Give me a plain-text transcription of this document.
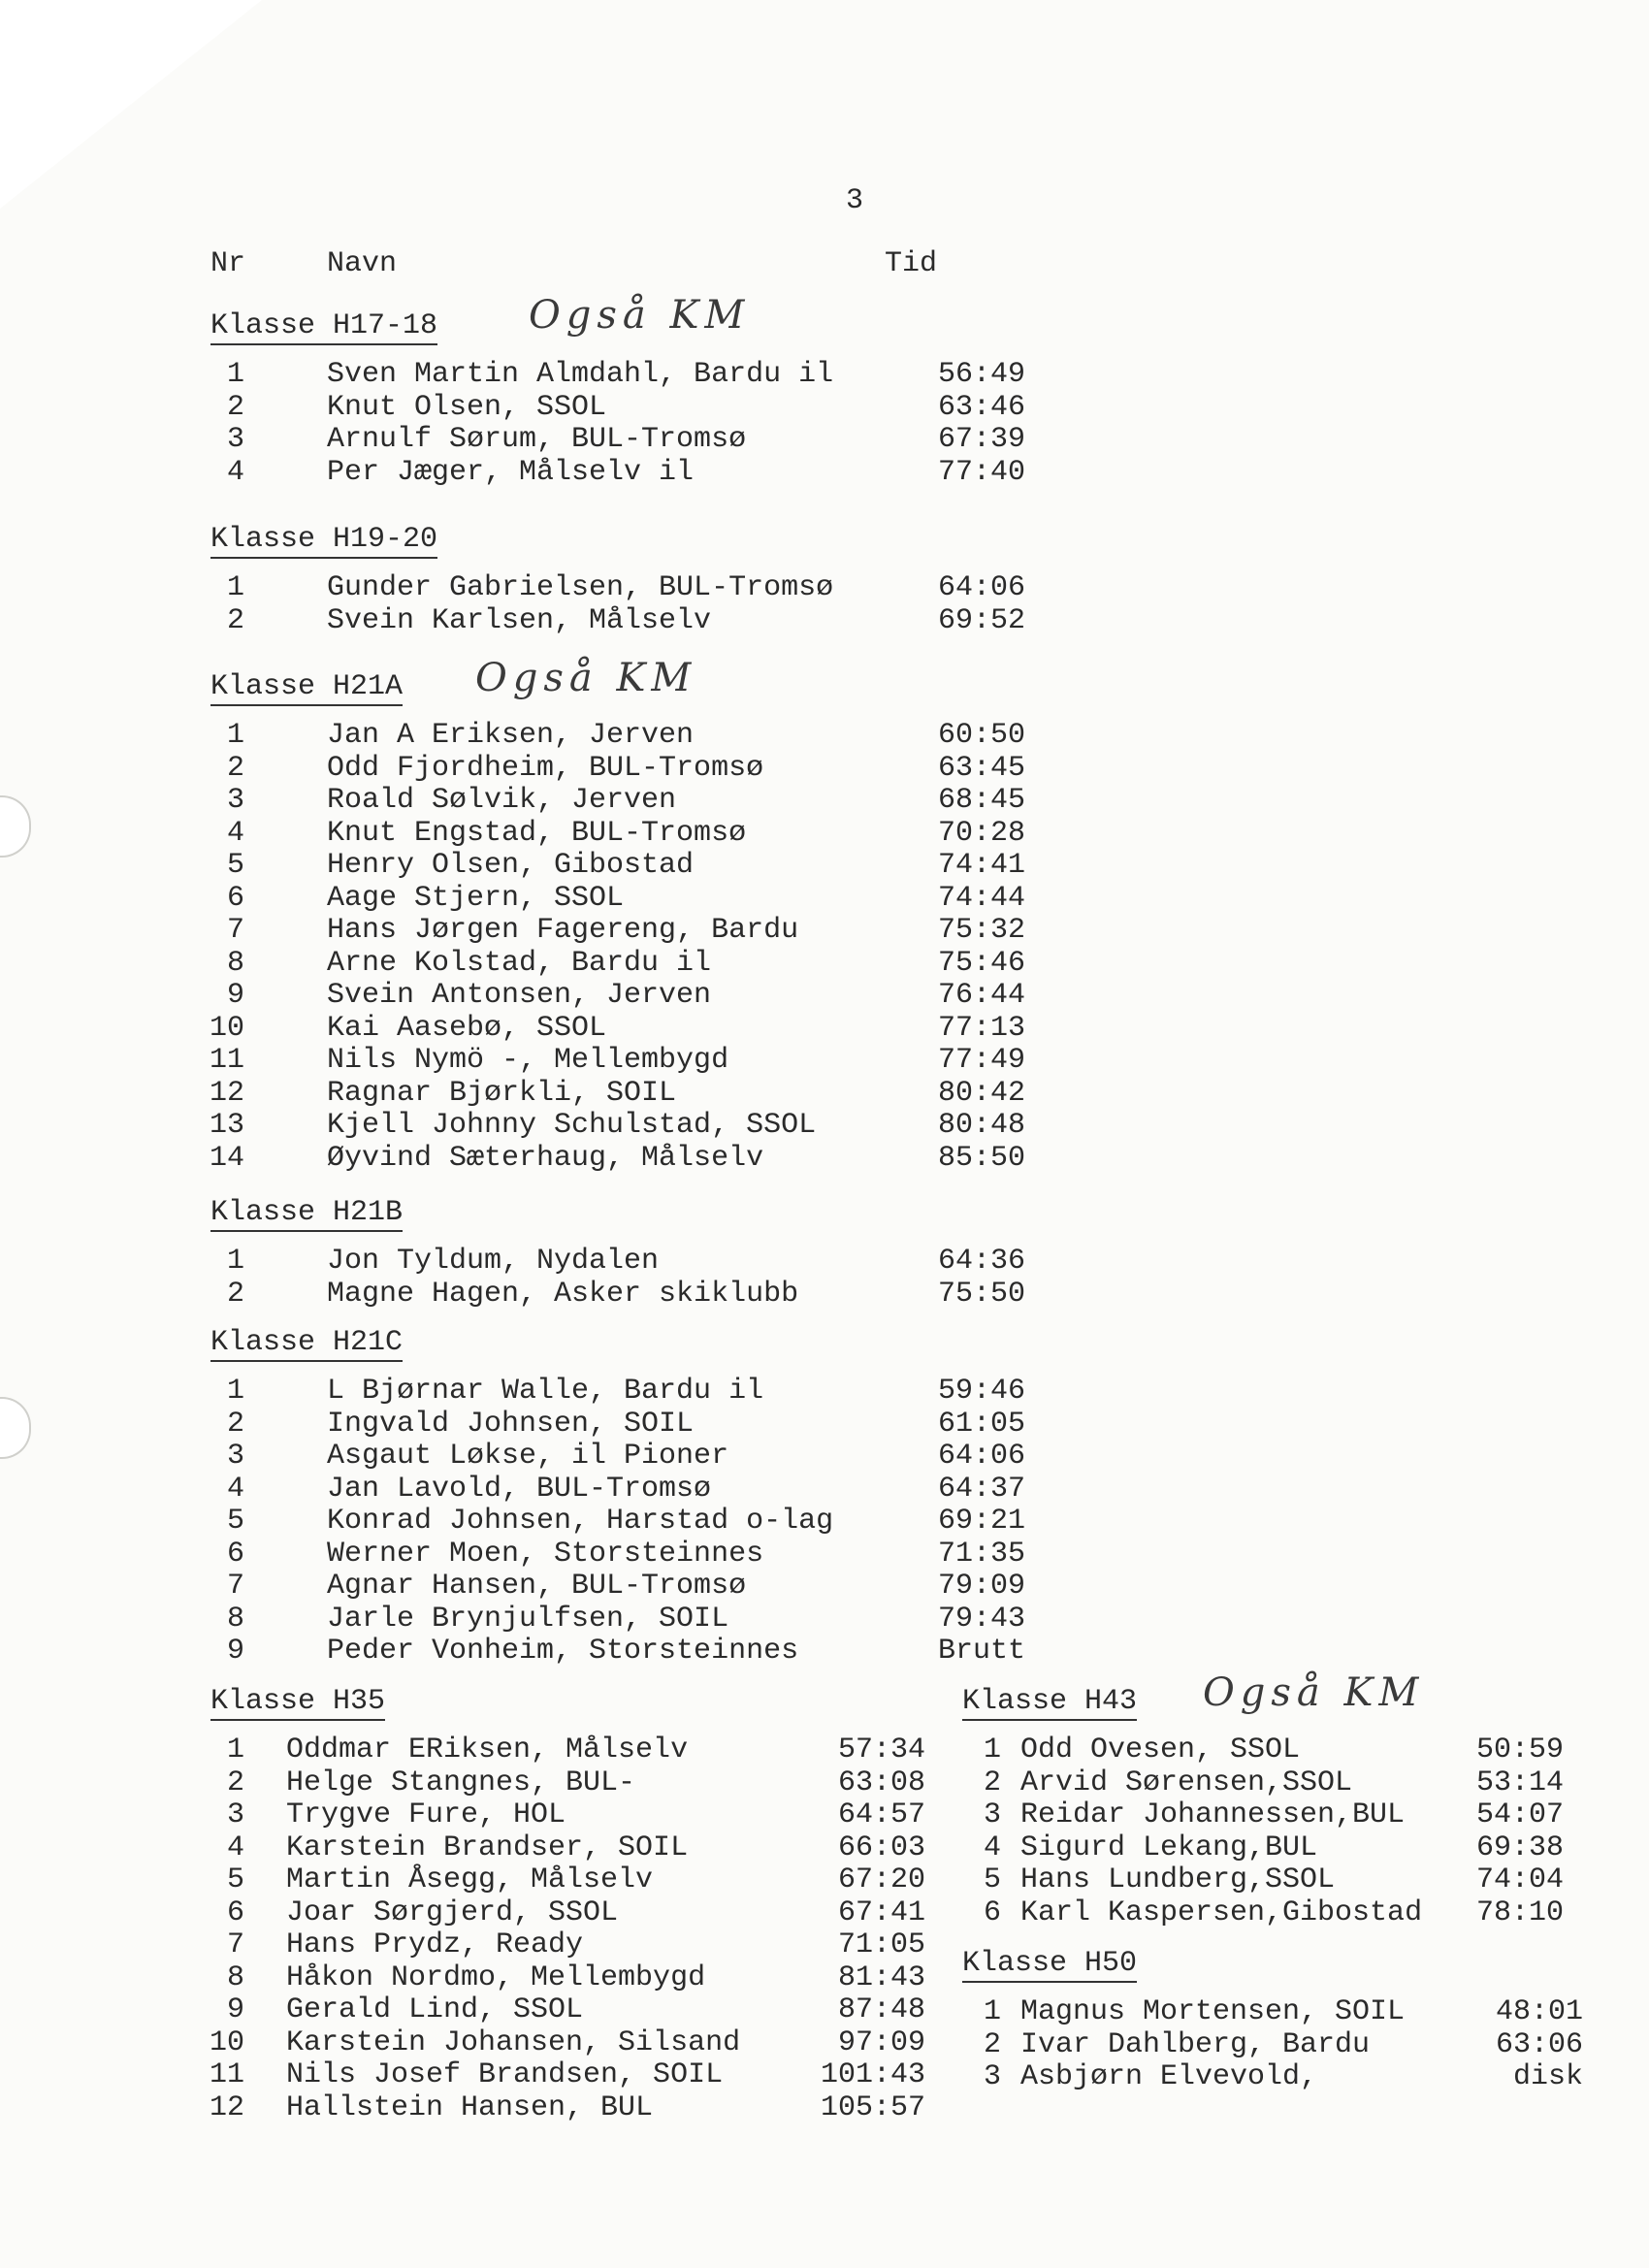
3
Nr	Navn	Tid
Klasse H17-18
1	Sven Martin Almdahl, Bardu il	56:49
2	Knut Olsen, SSOL	63:46
3	Arnulf Sørum, BUL-Tromsø	67:39
4	Per Jæger, Målselv il	77:40
Også KM
Klasse H19-20
1	Gunder Gabrielsen, BUL-Tromsø	64:06
2	Svein Karlsen, Målselv	69:52
Klasse H21A
1	Jan A Eriksen, Jerven	60:50
2	Odd Fjordheim, BUL-Tromsø	63:45
3	Roald Sølvik, Jerven	68:45
4	Knut Engstad, BUL-Tromsø	70:28
5	Henry Olsen, Gibostad	74:41
6	Aage Stjern, SSOL	74:44
7	Hans Jørgen Fagereng, Bardu	75:32
8	Arne Kolstad, Bardu il	75:46
9	Svein Antonsen, Jerven	76:44
10	Kai Aasebø, SSOL	77:13
11	Nils Nymö -, Mellembygd	77:49
12	Ragnar Bjørkli, SOIL	80:42
13	Kjell Johnny Schulstad, SSOL	80:48
14	Øyvind Sæterhaug, Målselv	85:50
Også KM
Klasse H21B
1	Jon Tyldum, Nydalen	64:36
2	Magne Hagen, Asker skiklubb	75:50
Klasse H21C
1	L Bjørnar Walle, Bardu il	59:46
2	Ingvald Johnsen, SOIL	61:05
3	Asgaut Løkse, il Pioner	64:06
4	Jan Lavold, BUL-Tromsø	64:37
5	Konrad Johnsen, Harstad o-lag	69:21
6	Werner Moen, Storsteinnes	71:35
7	Agnar Hansen, BUL-Tromsø	79:09
8	Jarle Brynjulfsen, SOIL	79:43
9	Peder Vonheim, Storsteinnes	Brutt
Klasse H35
1 Oddmar ERiksen, Målselv	57:34
2 Helge Stangnes, BUL-	63:08
3 Trygve Fure, HOL	64:57
4 Karstein Brandser, SOIL	66:03
5 Martin Åsegg, Målselv	67:20
6 Joar Sørgjerd, SSOL	67:41
7 Hans Prydz, Ready	71:05
8 Håkon Nordmo, Mellembygd	81:43
9 Gerald Lind, SSOL	87:48
10 Karstein Johansen, Silsand	97:09
11 Nils Josef Brandsen, SOIL	101:43
12 Hallstein Hansen, BUL	105:57
Klasse H43
1 Odd Ovesen, SSOL	50:59
2 Arvid Sørensen,SSOL	53:14
3 Reidar Johannessen,BUL	54:07
4 Sigurd Lekang,BUL	69:38
5 Hans Lundberg,SSOL	74:04
6 Karl Kaspersen,Gibostad	78:10
Også KM
Klasse H50
1 Magnus Mortensen, SOIL	48:01
2 Ivar Dahlberg, Bardu	63:06
3 Asbjørn Elvevold,	disk
